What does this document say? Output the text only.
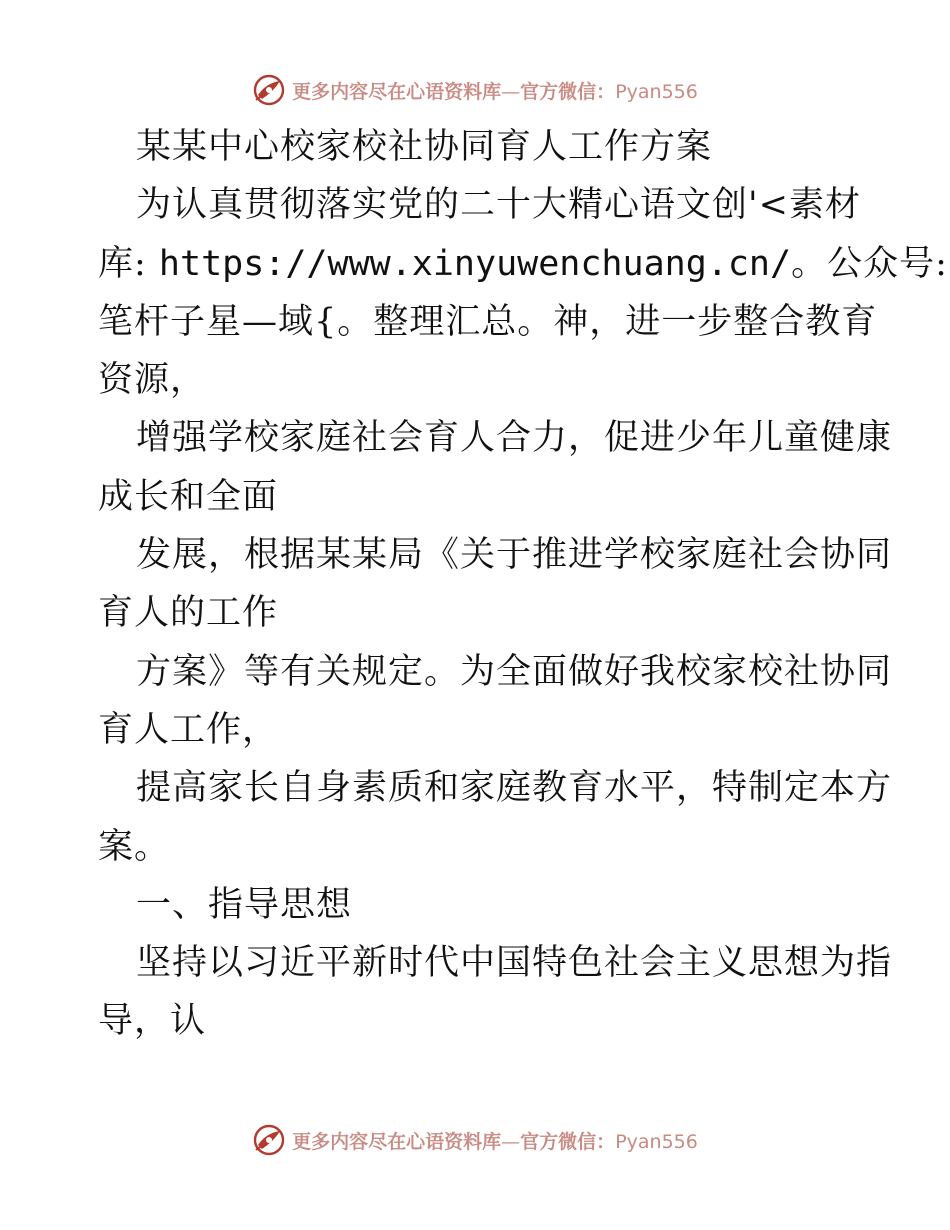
更多内容尽在心语资料库—官方微信：Pyan556

某某中心校家校社协同育人工作方案

为认真贯彻落实党的二十大精心语文创'<素材

库: https://www.xinyuwenchuang.cn/。公众号:

笔杆子星—域{。整理汇总。神，进一步整合教育

资源，

增强学校家庭社会育人合力，促进少年儿童健康

成长和全面

发展，根据某某局《关于推进学校家庭社会协同

育人的工作

方案》等有关规定。为全面做好我校家校社协同

育人工作，

提高家长自身素质和家庭教育水平，特制定本方

案。

一、指导思想

坚持以习近平新时代中国特色社会主义思想为指

导，认

更多内容尽在心语资料库—官方微信：Pyan556
